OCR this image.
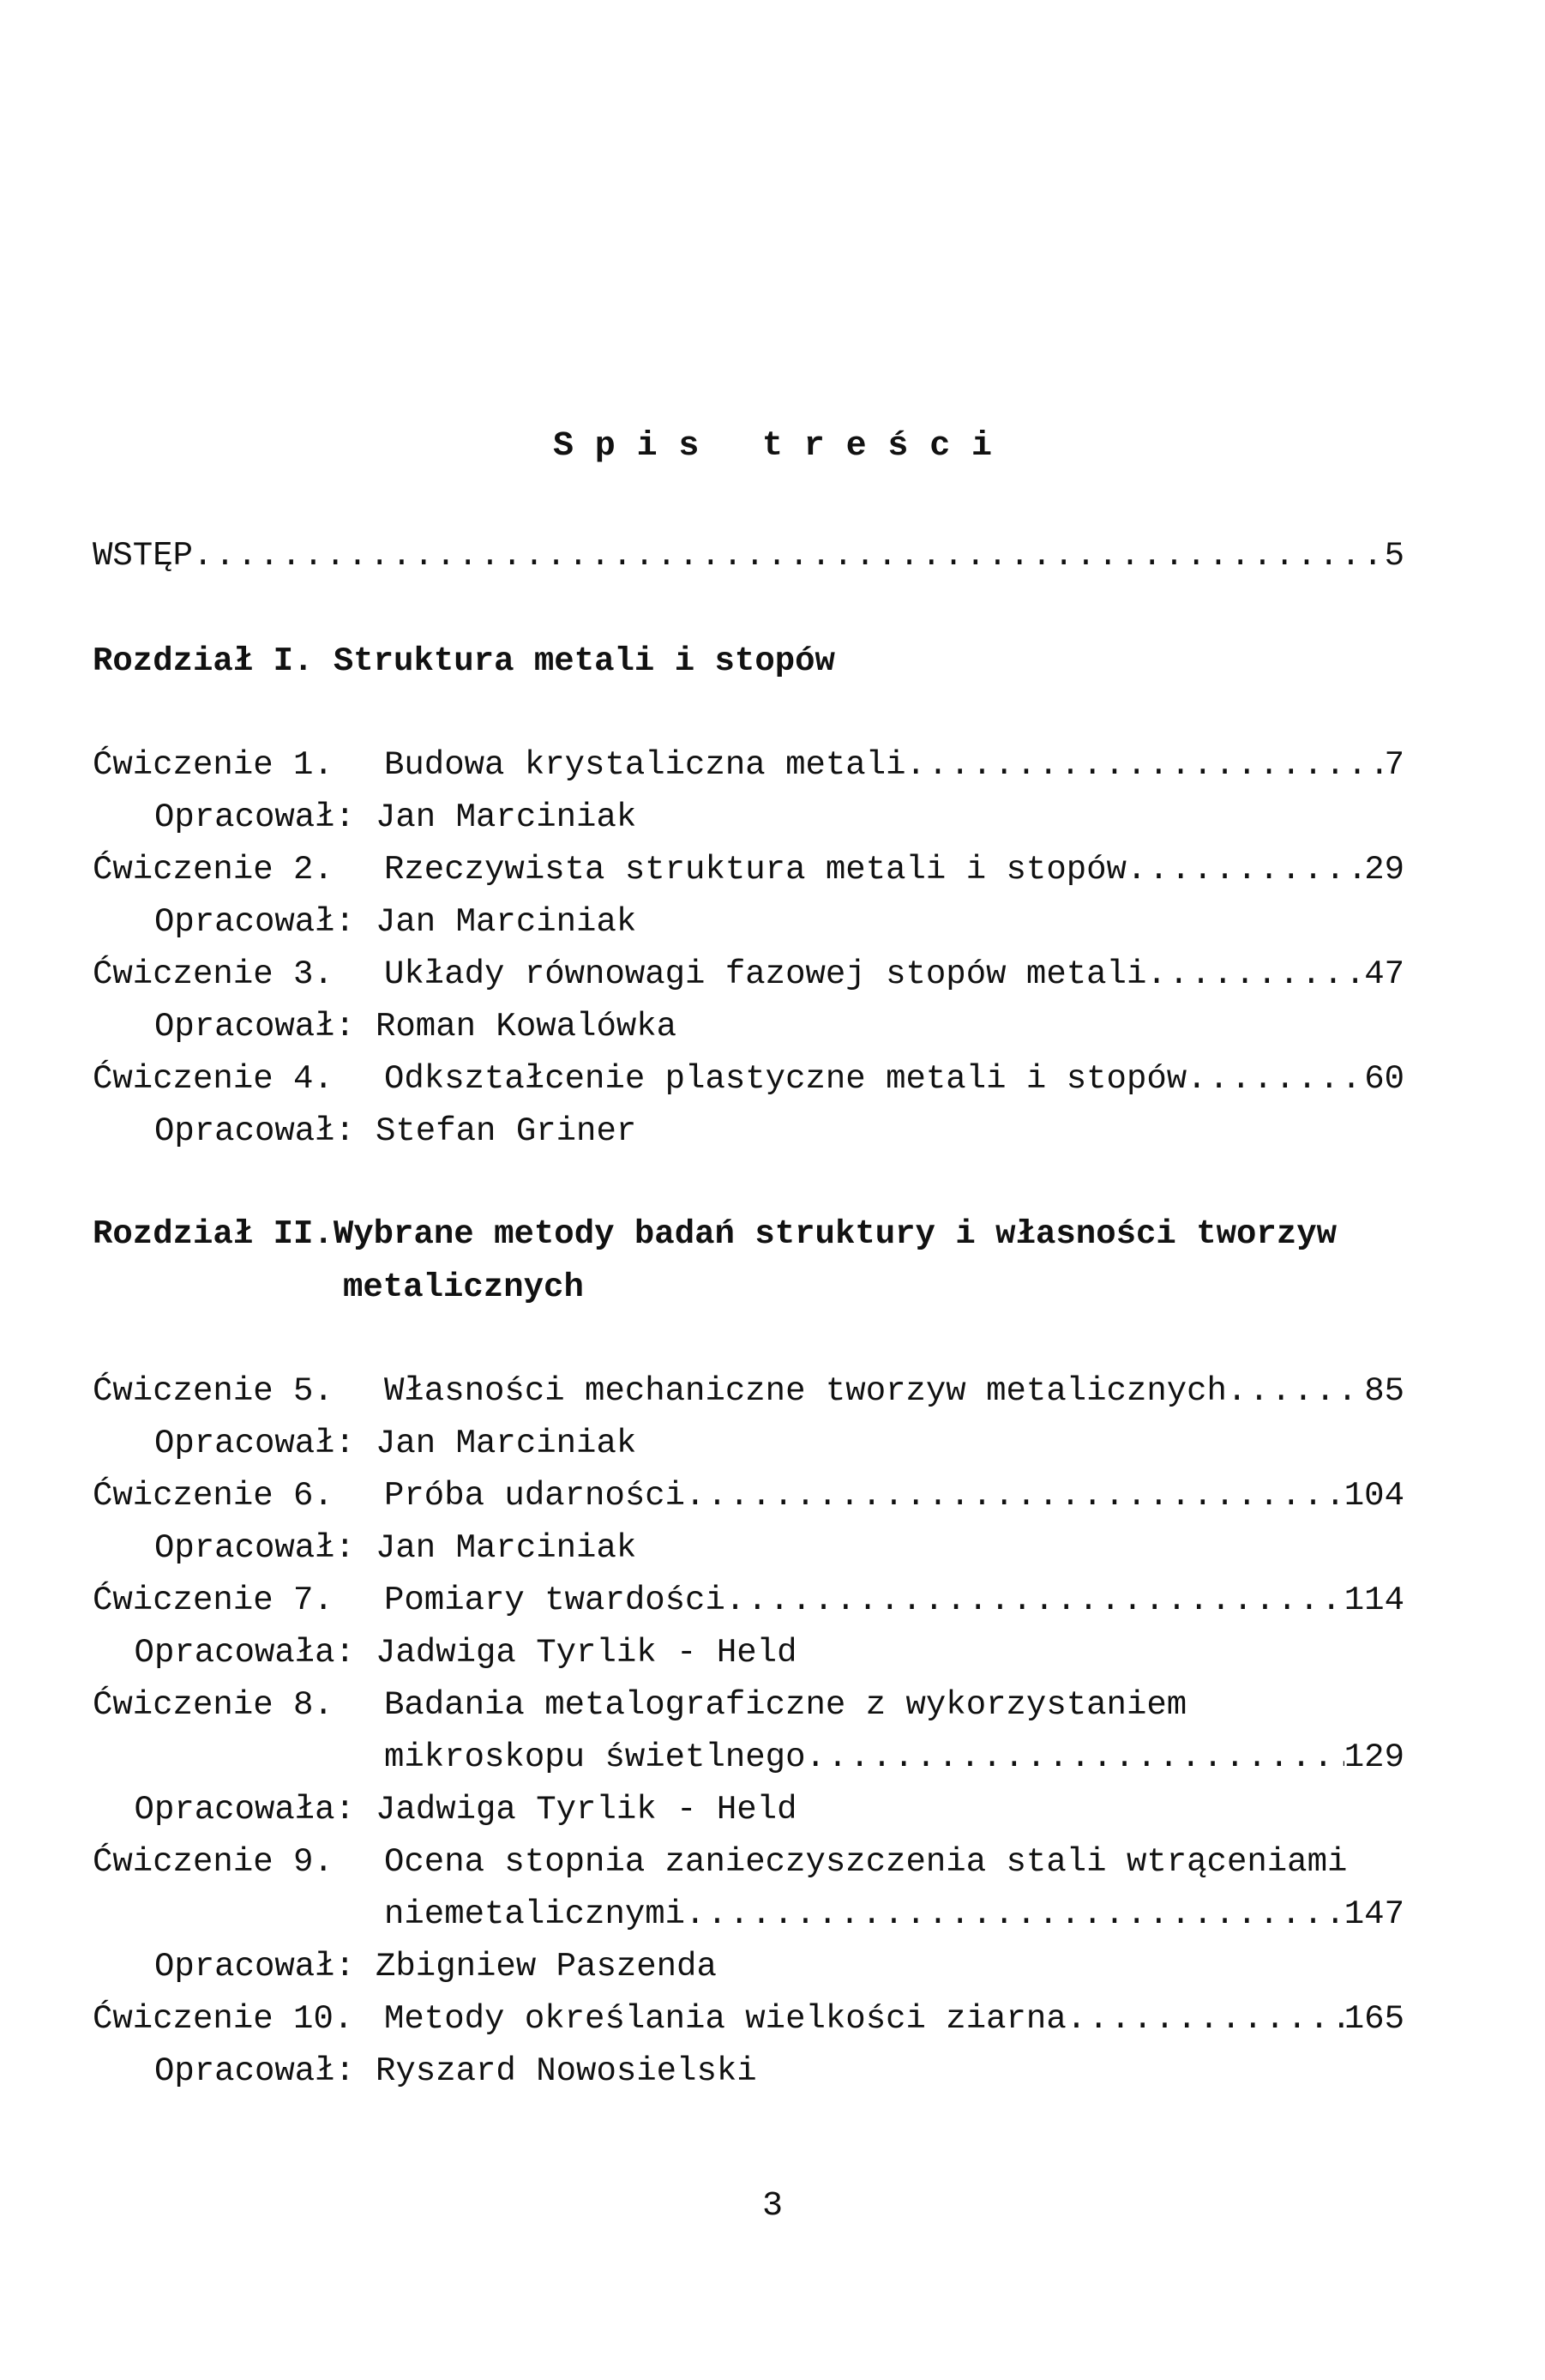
Spis treści
WSTĘP .....	5
Rozdział I. Struktura metali i stopów
Ćwiczenie 1.	Budowa krystaliczna metali .....	7
Opracował: Jan Marciniak
Ćwiczenie 2.	Rzeczywista struktura metali i stopów .....	29
Opracował: Jan Marciniak
Ćwiczenie 3.	Układy równowagi fazowej stopów metali .....	47
Opracował: Roman Kowalówka
Ćwiczenie 4.	Odkształcenie plastyczne metali i stopów .....	60
Opracował: Stefan Griner
Rozdział II.Wybrane metody badań struktury i własności tworzyw
metalicznych
Ćwiczenie 5.	Własności mechaniczne tworzyw metalicznych .....	85
Opracował: Jan Marciniak
Ćwiczenie 6.	Próba udarności .....	104
Opracował: Jan Marciniak
Ćwiczenie 7.	Pomiary twardości .....	114
Opracowała: Jadwiga Tyrlik - Held
Ćwiczenie 8.	Badania metalograficzne z wykorzystaniem
mikroskopu świetlnego .....	129
Opracowała: Jadwiga Tyrlik - Held
Ćwiczenie 9.	Ocena stopnia zanieczyszczenia stali wtrąceniami
niemetalicznymi .....	147
Opracował: Zbigniew Paszenda
Ćwiczenie 10. Metody określania wielkości ziarna .....	165
Opracował: Ryszard Nowosielski
3
